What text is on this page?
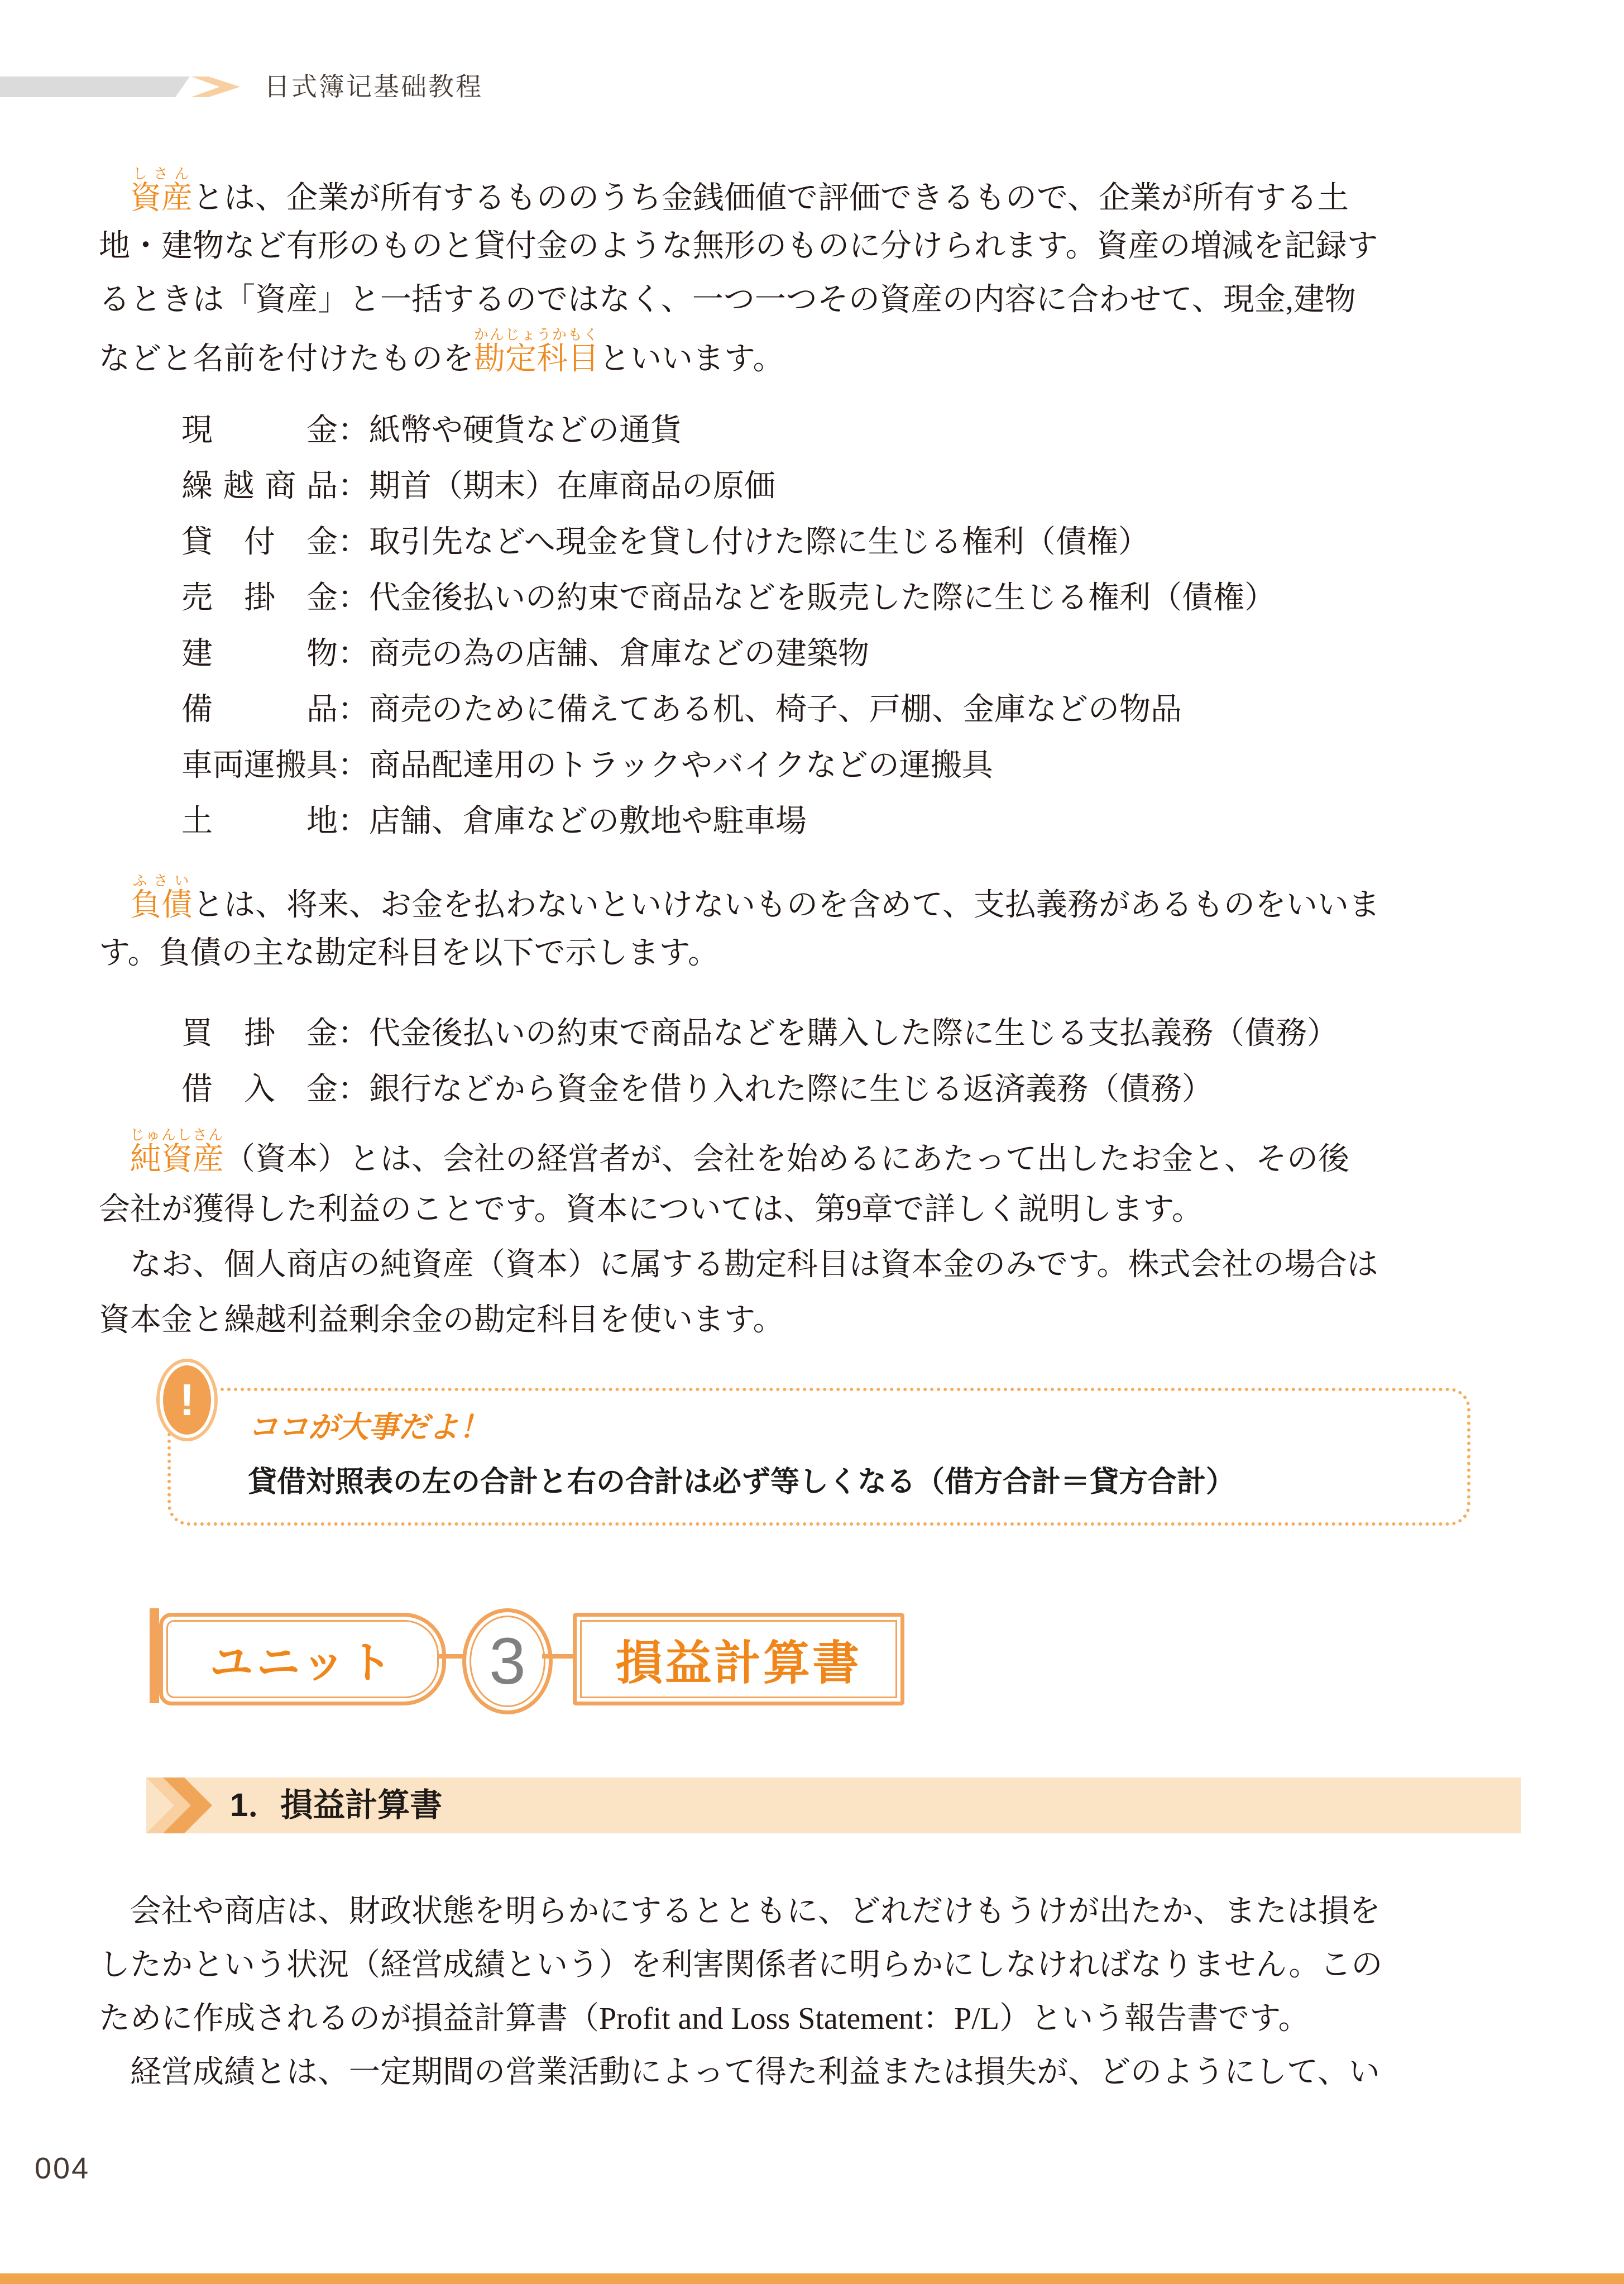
日式簿记基础教程
資産しさんとは、企業が所有するもののうち金銭価値で評価できるもので、企業が所有する土
地・建物など有形のものと貸付金のような無形のものに分けられます。資産の増減を記録す
るときは「資産」と一括するのではなく、一つ一つその資産の内容に合わせて、現金,建物
などと名前を付けたものを勘定科目かんじょうかもくといいます。
現金：紙幣や硬貨などの通貨
繰越商品：期首（期末）在庫商品の原価
貸付金：取引先などへ現金を貸し付けた際に生じる権利（債権）
売掛金：代金後払いの約束で商品などを販売した際に生じる権利（債権）
建物：商売の為の店舗、倉庫などの建築物
備品：商売のために備えてある机、椅子、戸棚、金庫などの物品
車両運搬具：商品配達用のトラックやバイクなどの運搬具
土地：店舗、倉庫などの敷地や駐車場
負債ふさいとは、将来、お金を払わないといけないものを含めて、支払義務があるものをいいま
す。負債の主な勘定科目を以下で示します。
買掛金：代金後払いの約束で商品などを購入した際に生じる支払義務（債務）
借入金：銀行などから資金を借り入れた際に生じる返済義務（債務）
純資産じゅんしさん（資本）とは、会社の経営者が、会社を始めるにあたって出したお金と、その後
会社が獲得した利益のことです。資本については、第9章で詳しく説明します。
なお、個人商店の純資産（資本）に属する勘定科目は資本金のみです。株式会社の場合は
資本金と繰越利益剰余金の勘定科目を使います。
!
ココが大事だよ！
貸借対照表の左の合計と右の合計は必ず等しくなる（借方合計＝貸方合計）
ユニット 3 損益計算書
1．損益計算書
会社や商店は、財政状態を明らかにするとともに、どれだけもうけが出たか、または損を
したかという状況（経営成績という）を利害関係者に明らかにしなければなりません。この
ために作成されるのが損益計算書（Profit and Loss Statement：P/L）という報告書です。
経営成績とは、一定期間の営業活動によって得た利益または損失が、どのようにして、い
004
